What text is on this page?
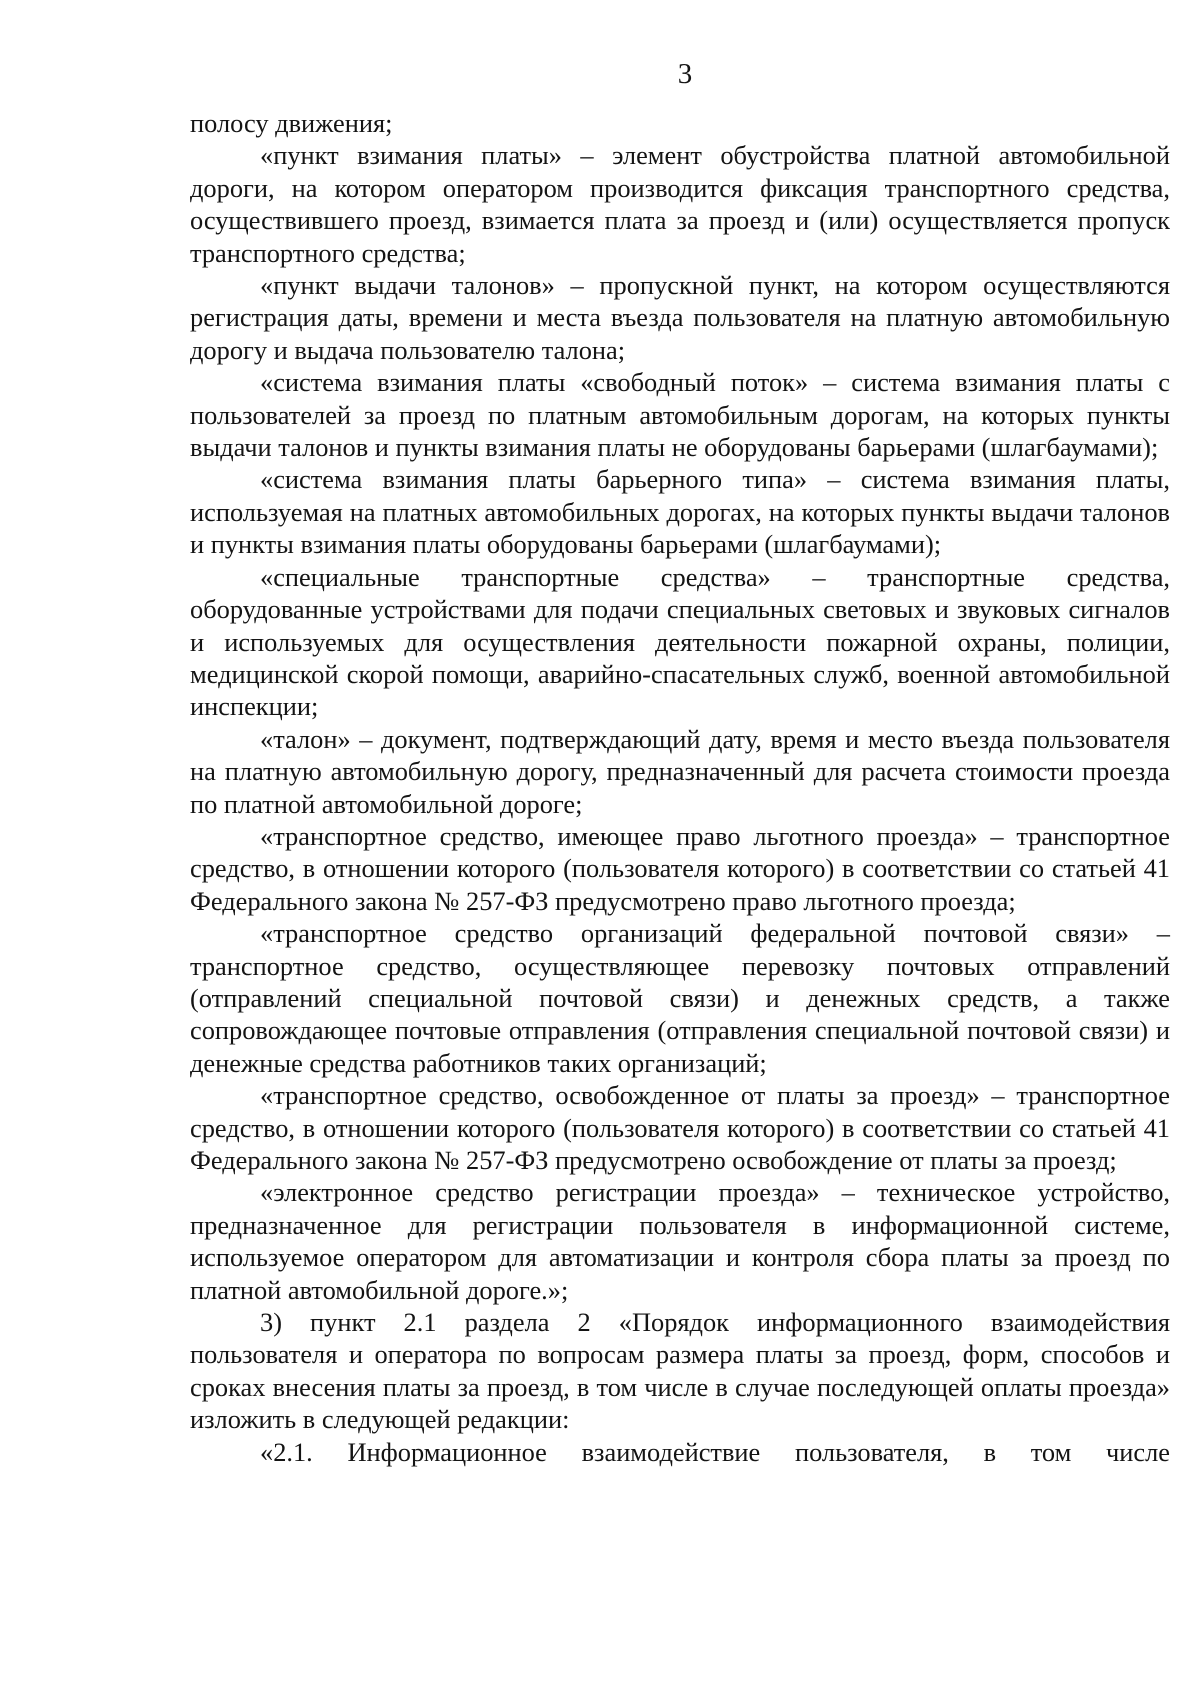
3

полосу движения;

«пункт взимания платы» – элемент обустройства платной автомобильной дороги, на котором оператором производится фиксация транспортного средства, осуществившего проезд, взимается плата за проезд и (или) осуществляется пропуск транспортного средства;

«пункт выдачи талонов» – пропускной пункт, на котором осуществляются регистрация даты, времени и места въезда пользователя на платную автомобильную дорогу и выдача пользователю талона;

«система взимания платы «свободный поток» – система взимания платы с пользователей за проезд по платным автомобильным дорогам, на которых пункты выдачи талонов и пункты взимания платы не оборудованы барьерами (шлагбаумами);

«система взимания платы барьерного типа» – система взимания платы, используемая на платных автомобильных дорогах, на которых пункты выдачи талонов и пункты взимания платы оборудованы барьерами (шлагбаумами);

«специальные транспортные средства» – транспортные средства, оборудованные устройствами для подачи специальных световых и звуковых сигналов и используемых для осуществления деятельности пожарной охраны, полиции, медицинской скорой помощи, аварийно-спасательных служб, военной автомобильной инспекции;

«талон» – документ, подтверждающий дату, время и место въезда пользователя на платную автомобильную дорогу, предназначенный для расчета стоимости проезда по платной автомобильной дороге;

«транспортное средство, имеющее право льготного проезда» – транспортное средство, в отношении которого (пользователя которого) в соответствии со статьей 41 Федерального закона № 257-ФЗ предусмотрено право льготного проезда;

«транспортное средство организаций федеральной почтовой связи» – транспортное средство, осуществляющее перевозку почтовых отправлений (отправлений специальной почтовой связи) и денежных средств, а также сопровождающее почтовые отправления (отправления специальной почтовой связи) и денежные средства работников таких организаций;

«транспортное средство, освобожденное от платы за проезд» – транспортное средство, в отношении которого (пользователя которого) в соответствии со статьей 41 Федерального закона № 257-ФЗ предусмотрено освобождение от платы за проезд;

«электронное средство регистрации проезда» – техническое устройство, предназначенное для регистрации пользователя в информационной системе, используемое оператором для автоматизации и контроля сбора платы за проезд по платной автомобильной дороге.»;

3) пункт 2.1 раздела 2 «Порядок информационного взаимодействия пользователя и оператора по вопросам размера платы за проезд, форм, способов и сроках внесения платы за проезд, в том числе в случае последующей оплаты проезда» изложить в следующей редакции:

«2.1. Информационное взаимодействие пользователя, в том числе
